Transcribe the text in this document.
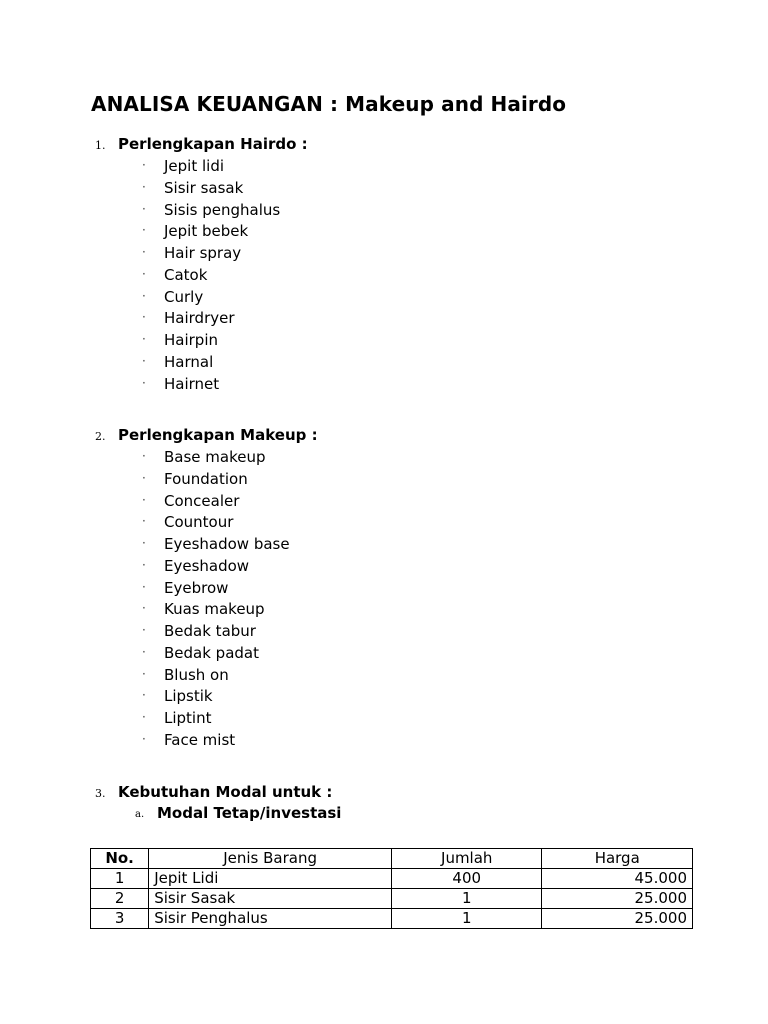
ANALISA KEUANGAN : Makeup and Hairdo
1. Perlengkapan Hairdo :
· Jepit lidi
· Sisir sasak
· Sisis penghalus
· Jepit bebek
· Hair spray
· Catok
· Curly
· Hairdryer
· Hairpin
· Harnal
· Hairnet
2. Perlengkapan Makeup :
· Base makeup
· Foundation
· Concealer
· Countour
· Eyeshadow base
· Eyeshadow
· Eyebrow
· Kuas makeup
· Bedak tabur
· Bedak padat
· Blush on
· Lipstik
· Liptint
· Face mist
3. Kebutuhan Modal untuk :
a. Modal Tetap/investasi
No.	Jenis Barang	Jumlah	Harga
1	Jepit Lidi	400	45.000
2	Sisir Sasak	1	25.000
3	Sisir Penghalus	1	25.000
